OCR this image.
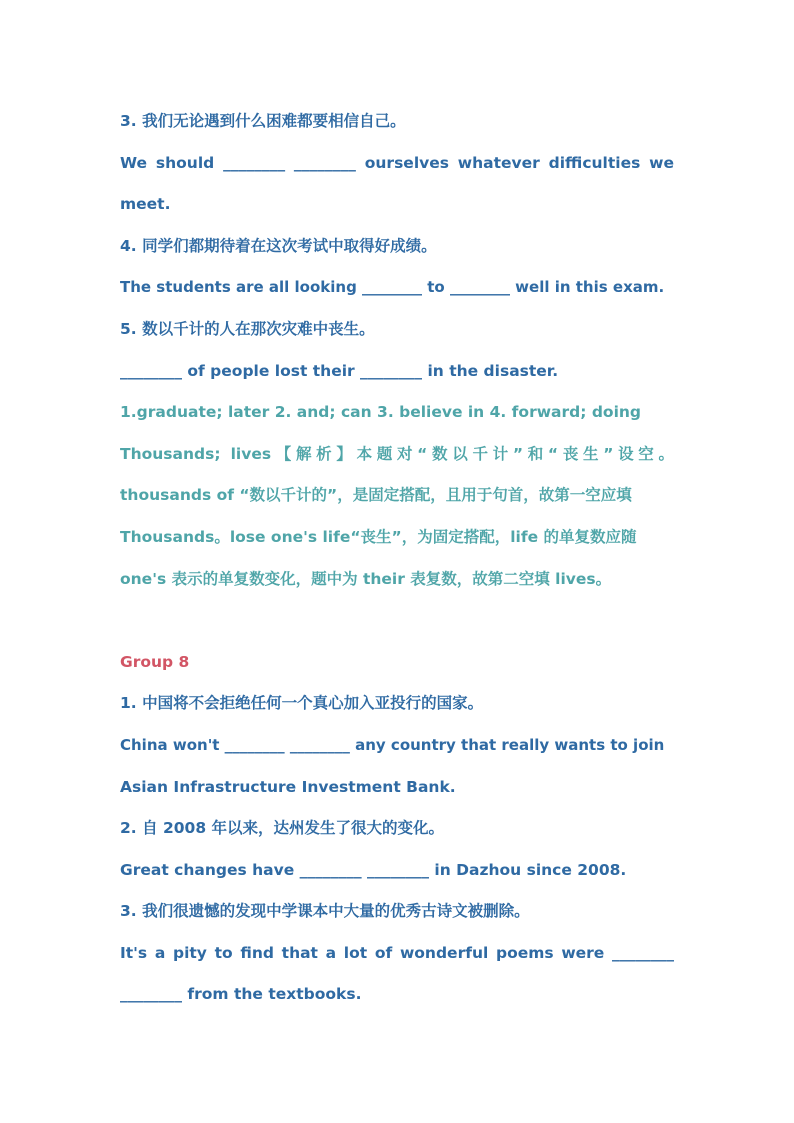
3. 我们无论遇到什么困难都要相信自己。
We should ________ ________ ourselves whatever difficulties we
meet.
4. 同学们都期待着在这次考试中取得好成绩。
The students are all looking ________ to ________ well in this exam.
5. 数以千计的人在那次灾难中丧生。
________ of people lost their ________ in the disaster.
1.graduate; later 2. and; can 3. believe in 4. forward; doing
Thousands; lives【解析】本题对“数以千计”和“丧生”设空。
thousands of “数以千计的”，是固定搭配，且用于句首，故第一空应填
Thousands。lose one's life“丧生”，为固定搭配，life 的单复数应随
one's 表示的单复数变化，题中为 their 表复数，故第二空填 lives。
Group 8
1. 中国将不会拒绝任何一个真心加入亚投行的国家。
China won't ________ ________ any country that really wants to join
Asian Infrastructure Investment Bank.
2. 自 2008 年以来，达州发生了很大的变化。
Great changes have ________ ________ in Dazhou since 2008.
3. 我们很遗憾的发现中学课本中大量的优秀古诗文被删除。
It's a pity to find that a lot of wonderful poems were ________
________ from the textbooks.
